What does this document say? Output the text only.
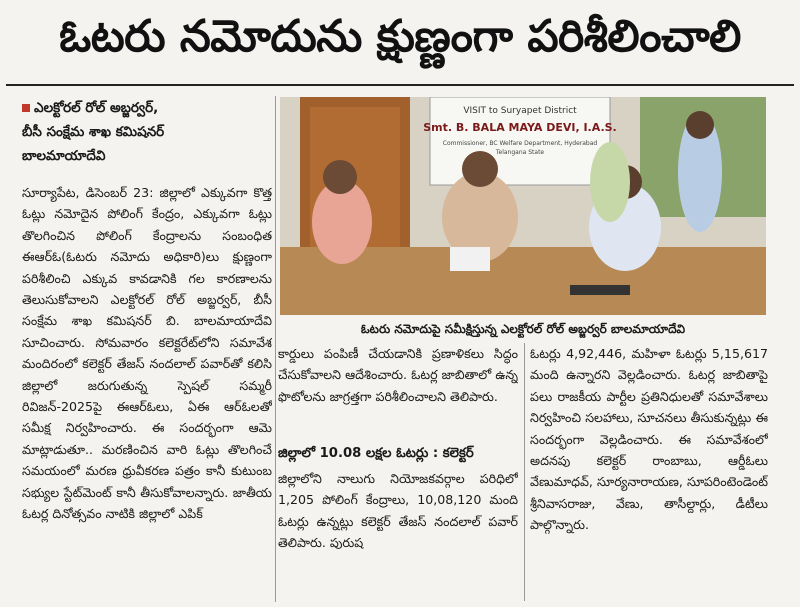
ఓటరు నమోదును క్షుణ్ణంగా పరిశీలించాలి
ఎలక్టోరల్ రోల్ అబ్జర్వర్,
బీసీ సంక్షేమ శాఖ కమిషనర్
బాలమాయాదేవి

సూర్యాపేట, డిసెంబర్ 23: జిల్లాలో ఎక్కువగా కొత్త ఓట్లు నమోదైన పోలింగ్ కేంద్రం, ఎక్కువగా ఓట్లు తొలగించిన పోలింగ్ కేంద్రాలను సంబంధిత ఈఆర్ఓ(ఓటరు నమోదు అధికారి)లు క్షుణ్ణంగా పరిశీలించి ఎక్కువ కావడానికి గల కారణాలను తెలుసుకోవాలని ఎలక్టోరల్ రోల్ అబ్జర్వర్, బీసీ సంక్షేమ శాఖ కమిషనర్ బి. బాలమాయాదేవి సూచించారు. సోమవారం కలెక్టరేట్‌లోని సమావేశ మందిరంలో కలెక్టర్ తేజస్ నందలాల్ పవార్‌తో కలిసి జిల్లాలో జరుగుతున్న స్పెషల్ సమ్మరీ రివిజన్-2025పై ఈఆర్ఓలు, ఏఈ ఆర్ఓలతో సమీక్ష నిర్వహించారు. ఈ సందర్భంగా ఆమె మాట్లాడుతూ.. మరణించిన వారి ఓట్లు తొలగించే సమయంలో మరణ ధ్రువీకరణ పత్రం కానీ కుటుంబ సభ్యుల స్టేట్‌మెంట్ కానీ తీసుకోవాలన్నారు. జాతీయ ఓటర్ల దినోత్సవం నాటికి జిల్లాలో ఎపిక్

VISIT to Suryapet District
Smt. B. BALA MAYA DEVI, I.A.S.
Commissioner, BC Welfare Department, Hyderabad
Telangana State
ఓటరు నమోదుపై సమీక్షిస్తున్న ఎలక్టోరల్ రోల్ అబ్జర్వర్ బాలమాయాదేవి

కార్డులు పంపిణీ చేయడానికి ప్రణాళికలు సిద్ధం చేసుకోవాలని ఆదేశించారు. ఓటర్ల జాబితాలో ఉన్న ఫొటోలను జాగ్రత్తగా పరిశీలించాలని తెలిపారు.

జిల్లాలో 10.08 లక్షల ఓటర్లు : కలెక్టర్

జిల్లాలోని నాలుగు నియోజకవర్గాల పరిధిలో 1,205 పోలింగ్ కేంద్రాలు, 10,08,120 మంది ఓటర్లు ఉన్నట్లు కలెక్టర్ తేజస్ నందలాల్ పవార్ తెలిపారు. పురుష

ఓటర్లు 4,92,446, మహిళా ఓటర్లు 5,15,617 మంది ఉన్నారని వెల్లడించారు. ఓటర్ల జాబితాపై పలు రాజకీయ పార్టీల ప్రతినిధులతో సమావేశాలు నిర్వహించి సలహాలు, సూచనలు తీసుకున్నట్లు ఈ సందర్భంగా వెల్లడించారు. ఈ సమావేశంలో అదనపు కలెక్టర్ రాంబాబు, ఆర్డీఓలు వేణుమాధవ్, సూర్యనారాయణ, సూపరింటెండెంట్ శ్రీనివాసరాజు, వేణు, తాసీల్దార్లు, డీటీలు పాల్గొన్నారు.
